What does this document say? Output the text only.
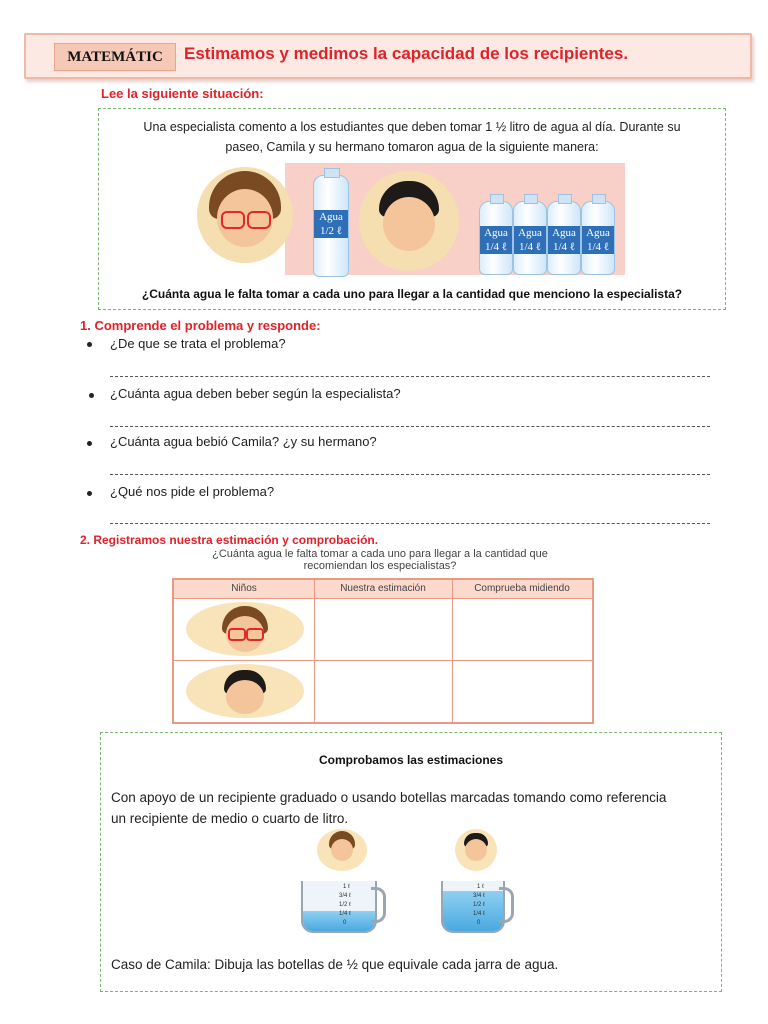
MATEMÁTIC	Estimamos y medimos la capacidad de los recipientes.
Lee la siguiente situación:
Una especialista comento a los estudiantes que deben tomar 1 ½ litro de agua al día. Durante su
paseo, Camila y su hermano tomaron agua de la siguiente manera:
Agua
1/2 ℓ	Agua
1/4 ℓ
Agua
1/4 ℓ
Agua
1/4 ℓ
Agua
1/4 ℓ
¿Cuánta agua le falta tomar a cada uno para llegar a la cantidad que menciono la especialista?
1. Comprende el problema y responde:
¿De que se trata el problema?
¿Cuánta agua deben beber según la especialista?
¿Cuánta agua bebió Camila? ¿y su hermano?
¿Qué nos pide el problema?
2. Registramos nuestra estimación y comprobación.
¿Cuánta agua le falta tomar a cada uno para llegar a la cantidad que
recomiendan los especialistas?
Niños	Nuestra estimación	Comprueba midiendo
Comprobamos las estimaciones
Con apoyo de un recipiente graduado o usando botellas marcadas tomando como referencia
un recipiente de medio o cuarto de litro.
1 ℓ
3/4 ℓ
1/2 ℓ
1/4 ℓ
0
1 ℓ
3/4 ℓ
1/2 ℓ
1/4 ℓ
0
Caso de Camila: Dibuja las botellas de ½ que equivale cada jarra de agua.
